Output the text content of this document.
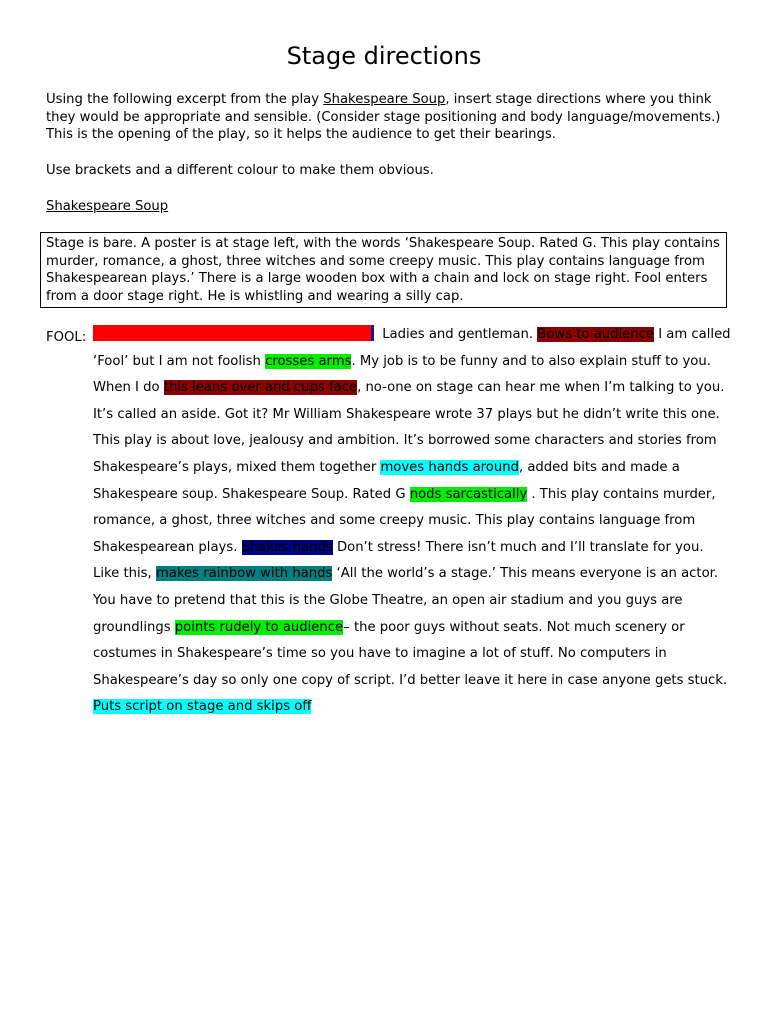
Stage directions

Using the following excerpt from the play Shakespeare Soup, insert stage directions where you think they would be appropriate and sensible. (Consider stage positioning and body language/movements.) This is the opening of the play, so it helps the audience to get their bearings.

Use brackets and a different colour to make them obvious.

Shakespeare Soup

Stage is bare. A poster is at stage left, with the words ‘Shakespeare Soup. Rated G. This play contains murder, romance, a ghost, three witches and some creepy music. This play contains language from Shakespearean plays.’ There is a large wooden box with a chain and lock on stage right. Fool enters from a door stage right. He is whistling and wearing a silly cap.
FOOL:	Ladies and gentleman. Bows to audience I am called ‘Fool’ but I am not foolish crosses arms. My job is to be funny and to also explain stuff to you. When I do this leans over and cups face, no-one on stage can hear me when I’m talking to you. It’s called an aside. Got it? Mr William Shakespeare wrote 37 plays but he didn’t write this one. This play is about love, jealousy and ambition. It’s borrowed some characters and stories from Shakespeare’s plays, mixed them together moves hands around, added bits and made a Shakespeare soup. Shakespeare Soup. Rated G nods sarcastically . This play contains murder, romance, a ghost, three witches and some creepy music. This play contains language from Shakespearean plays. Shakes hands Don’t stress! There isn’t much and I’ll translate for you. Like this, makes rainbow with hands ‘All the world’s a stage.’ This means everyone is an actor. You have to pretend that this is the Globe Theatre, an open air stadium and you guys are groundlings points rudely to audience– the poor guys without seats. Not much scenery or costumes in Shakespeare’s time so you have to imagine a lot of stuff. No computers in Shakespeare’s day so only one copy of script. I’d better leave it here in case anyone gets stuck. Puts script on stage and skips off
